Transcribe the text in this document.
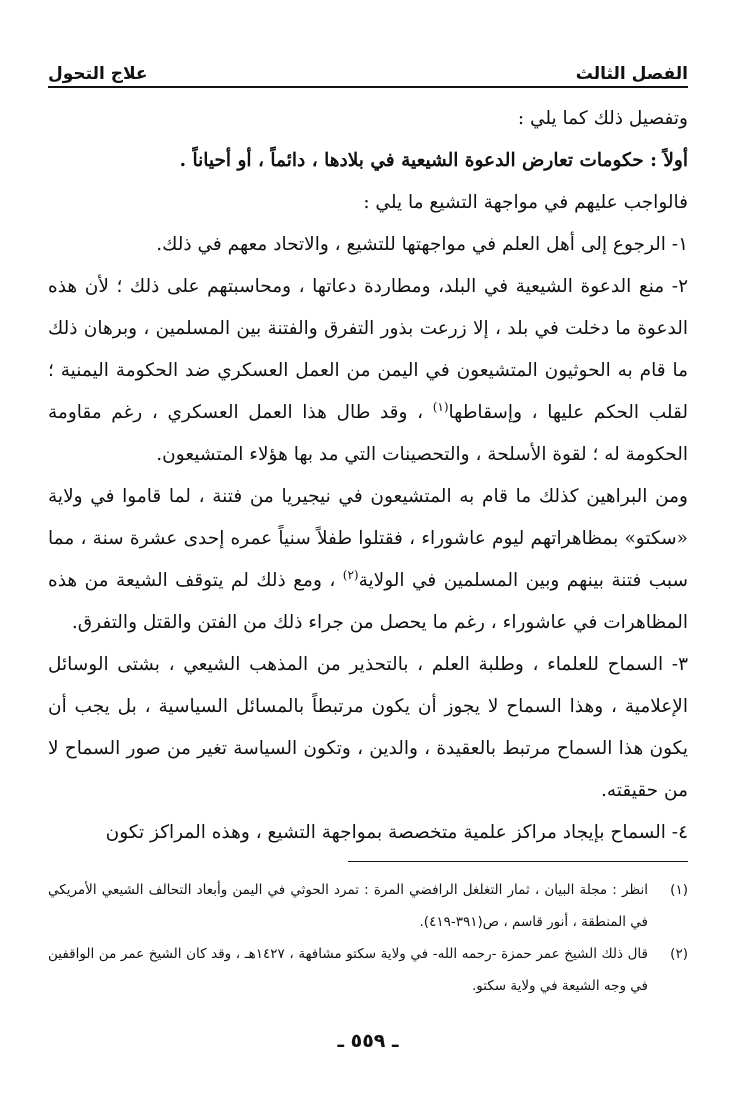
الفصل الثالث
علاج التحول

وتفصيل ذلك كما يلي :

أولاً : حكومات تعارض الدعوة الشيعية في بلادها ، دائماً ، أو أحياناً .

فالواجب عليهم في مواجهة التشيع ما يلي :

١- الرجوع إلى أهل العلم في مواجهتها للتشيع ، والاتحاد معهم في ذلك.

٢- منع الدعوة الشيعية في البلد، ومطاردة دعاتها ، ومحاسبتهم على ذلك ؛ لأن هذه الدعوة ما دخلت في بلد ، إلا زرعت بذور التفرق والفتنة بين المسلمين ، وبرهان ذلك ما قام به الحوثيون المتشيعون في اليمن من العمل العسكري ضد الحكومة اليمنية ؛ لقلب الحكم عليها ، وإسقاطها$^{(١)}$ ، وقد طال هذا العمل العسكري ، رغم مقاومة الحكومة له ؛ لقوة الأسلحة ، والتحصينات التي مد بها هؤلاء المتشيعون.

ومن البراهين كذلك ما قام به المتشيعون في نيجيريا من فتنة ، لما قاموا في ولاية «سكتو» بمظاهراتهم ليوم عاشوراء ، فقتلوا طفلاً سنياً عمره إحدى عشرة سنة ، مما سبب فتنة بينهم وبين المسلمين في الولاية$^{(٢)}$ ، ومع ذلك لم يتوقف الشيعة من هذه المظاهرات في عاشوراء ، رغم ما يحصل من جراء ذلك من الفتن والقتل والتفرق.

٣- السماح للعلماء ، وطلبة العلم ، بالتحذير من المذهب الشيعي ، بشتى الوسائل الإعلامية ، وهذا السماح لا يجوز أن يكون مرتبطاً بالمسائل السياسية ، بل يجب أن يكون هذا السماح مرتبط بالعقيدة ، والدين ، وتكون السياسة تغير من صور السماح لا من حقيقته.

٤- السماح بإيجاد مراكز علمية متخصصة بمواجهة التشيع ، وهذه المراكز تكون

(١)
انظر : مجلة البيان ، ثمار التغلغل الرافضي المرة : تمرد الحوثي في اليمن وأبعاد التحالف الشيعي الأمريكي في المنطقة ، أنور قاسم ، ص(٣٩١-٤١٩).
(٢)
قال ذلك الشيخ عمر حمزة -رحمه الله- في ولاية سكتو مشافهة ، ١٤٢٧هـ ، وقد كان الشيخ عمر من الواقفين في وجه الشيعة في ولاية سكتو.
ـ ٥٥٩ ـ
